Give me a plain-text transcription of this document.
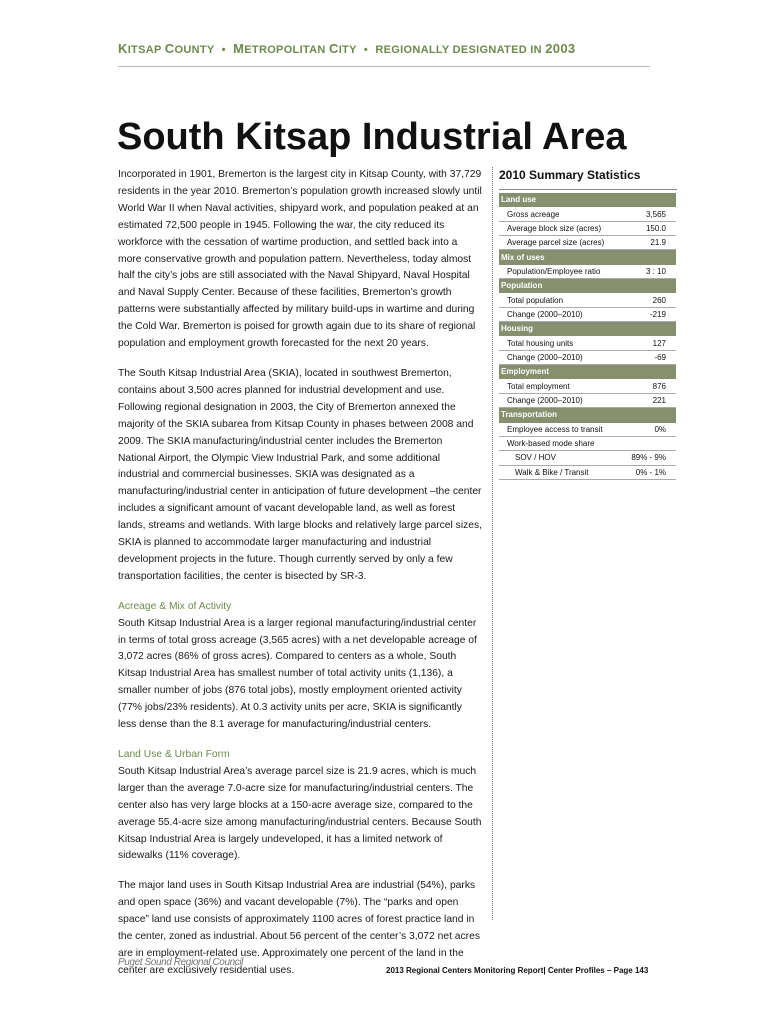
KITSAP COUNTY • METROPOLITAN CITY • REGIONALLY DESIGNATED IN 2003
South Kitsap Industrial Area

Incorporated in 1901, Bremerton is the largest city in Kitsap County, with 37,729 residents in the year 2010. Bremerton’s population growth increased slowly until World War II when Naval activities, shipyard work, and population peaked at an estimated 72,500 people in 1945. Following the war, the city reduced its workforce with the cessation of wartime production, and settled back into a more conservative growth and population pattern. Nevertheless, today almost half the city’s jobs are still associated with the Naval Shipyard, Naval Hospital and Naval Supply Center. Because of these facilities, Bremerton’s growth patterns were substantially affected by military build-ups in wartime and during the Cold War. Bremerton is poised for growth again due to its share of regional population and employment growth forecasted for the next 20 years.

The South Kitsap Industrial Area (SKIA), located in southwest Bremerton, contains about 3,500 acres planned for industrial development and use. Following regional designation in 2003, the City of Bremerton annexed the majority of the SKIA subarea from Kitsap County in phases between 2008 and 2009. The SKIA manufacturing/industrial center includes the Bremerton National Airport, the Olympic View Industrial Park, and some additional industrial and commercial businesses. SKIA was designated as a manufacturing/industrial center in anticipation of future development –the center includes a significant amount of vacant developable land, as well as forest lands, streams and wetlands. With large blocks and relatively large parcel sizes, SKIA is planned to accommodate larger manufacturing and industrial development projects in the future. Though currently served by only a few transportation facilities, the center is bisected by SR-3.

Acreage & Mix of Activity

South Kitsap Industrial Area is a larger regional manufacturing/industrial center in terms of total gross acreage (3,565 acres) with a net developable acreage of 3,072 acres (86% of gross acres). Compared to centers as a whole, South Kitsap Industrial Area has smallest number of total activity units (1,136), a smaller number of jobs (876 total jobs), mostly employment oriented activity (77% jobs/23% residents). At 0.3 activity units per acre, SKIA is significantly less dense than the 8.1 average for manufacturing/industrial centers.

Land Use & Urban Form

South Kitsap Industrial Area’s average parcel size is 21.9 acres, which is much larger than the average 7.0-acre size for manufacturing/industrial centers. The center also has very large blocks at a 150-acre average size, compared to the average 55.4-acre size among manufacturing/industrial centers. Because South Kitsap Industrial Area is largely undeveloped, it has a limited network of sidewalks (11% coverage).

The major land uses in South Kitsap Industrial Area are industrial (54%), parks and open space (36%) and vacant developable (7%). The “parks and open space” land use consists of approximately 1100 acres of forest practice land in the center, zoned as industrial. About 56 percent of the center’s 3,072 net acres are in employment-related use. Approximately one percent of the land in the center are exclusively residential uses.

2010 Summary Statistics
Land use	
Gross acreage	3,565
Average block size (acres)	150.0
Average parcel size (acres)	21.9
Mix of uses	
Population/Employee ratio	3 : 10
Population	
Total population	260
Change (2000–2010)	-219
Housing	
Total housing units	127
Change (2000–2010)	-69
Employment	
Total employment	876
Change (2000–2010)	221
Transportation	
Employee access to transit	0%
Work-based mode share	
SOV / HOV	89% - 9%
Walk & Bike / Transit	0% - 1%
Puget Sound Regional Council
2013 Regional Centers Monitoring Report| Center Profiles – Page 143
